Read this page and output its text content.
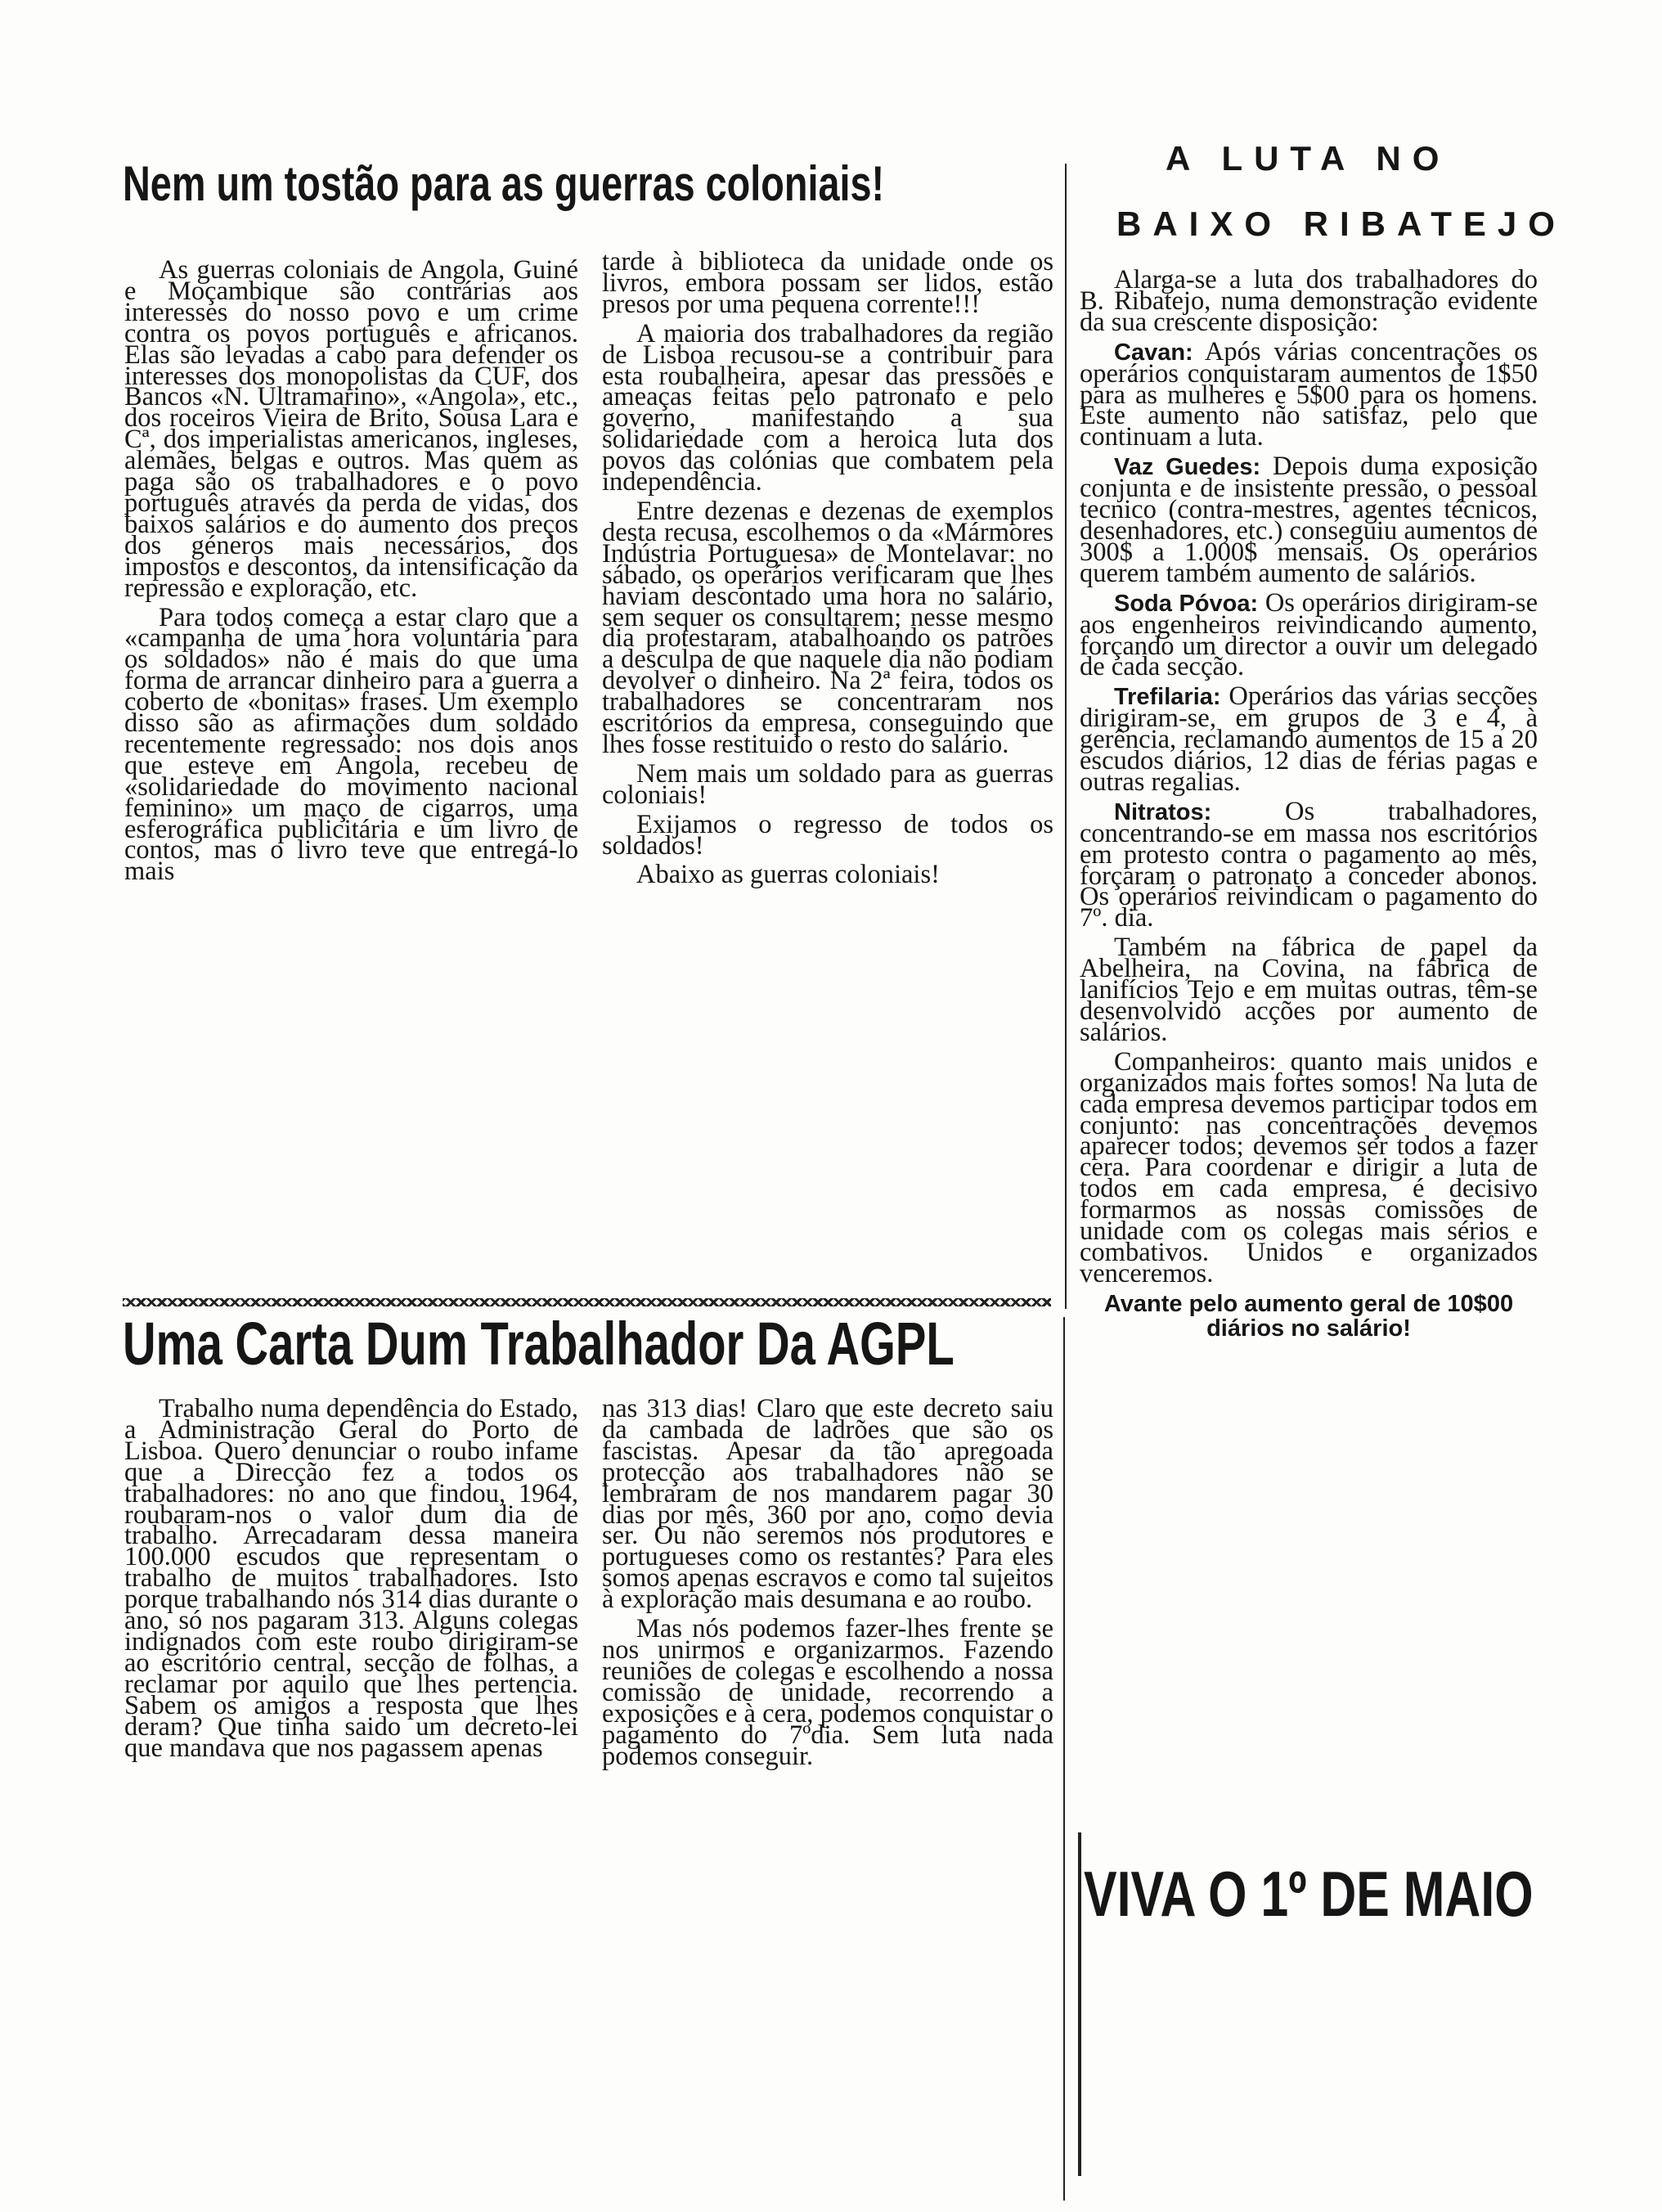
Nem um tostão para as guerras coloniais!

As guerras coloniais de Angola, Guiné e Moçambique são contrárias aos interesses do nosso povo e um crime contra os povos português e africanos. Elas são levadas a cabo para defender os interesses dos monopolistas da CUF, dos Bancos «N. Ultramarino», «Angola», etc., dos roceiros Vieira de Brito, Sousa Lara e Cª, dos imperialistas americanos, ingleses, alemães, belgas e outros. Mas quem as paga são os trabalhadores e o povo português através da perda de vidas, dos baixos salários e do aumento dos preços dos géneros mais necessários, dos impostos e descontos, da intensificação da repressão e exploração, etc.

Para todos começa a estar claro que a «campanha de uma hora voluntária para os soldados» não é mais do que uma forma de arrancar dinheiro para a guerra a coberto de «bonitas» frases. Um exemplo disso são as afirmações dum soldado recentemente regressado: nos dois anos que esteve em Angola, recebeu de «solidariedade do movimento nacional feminino» um maço de cigarros, uma esferográfica publicitária e um livro de contos, mas o livro teve que entregá-lo mais

tarde à biblioteca da unidade onde os livros, embora possam ser lidos, estão presos por uma pequena corrente!!!

A maioria dos trabalhadores da região de Lisboa recusou-se a contribuir para esta roubalheira, apesar das pressões e ameaças feitas pelo patronato e pelo governo, manifestando a sua solidariedade com a heroica luta dos povos das colónias que combatem pela independência.

Entre dezenas e dezenas de exemplos desta recusa, escolhemos o da «Mármores Indústria Portuguesa» de Montelavar: no sábado, os operários verificaram que lhes haviam descontado uma hora no salário, sem sequer os consultarem; nesse mesmo dia protestaram, atabalhoando os patrões a desculpa de que naquele dia não podiam devolver o dinheiro. Na 2ª feira, todos os trabalhadores se concentraram nos escritórios da empresa, conseguindo que lhes fosse restituido o resto do salário.

Nem mais um soldado para as guerras coloniais!

Exijamos o regresso de todos os soldados!

Abaixo as guerras coloniais!

Uma Carta Dum Trabalhador Da AGPL

Trabalho numa dependência do Estado, a Administração Geral do Porto de Lisboa. Quero denunciar o roubo infame que a Direcção fez a todos os trabalhadores: no ano que findou, 1964, roubaram-nos o valor dum dia de trabalho. Arrecadaram dessa maneira 100.000 escudos que representam o trabalho de muitos trabalhadores. Isto porque trabalhando nós 314 dias durante o ano, só nos pagaram 313. Alguns colegas indignados com este roubo dirigiram-se ao escritório central, secção de folhas, a reclamar por aquilo que lhes pertencia. Sabem os amigos a resposta que lhes deram? Que tinha saido um decreto-lei que mandava que nos pagassem apenas

nas 313 dias! Claro que este decreto saiu da cambada de ladrões que são os fascistas. Apesar da tão apregoada protecção aos trabalhadores não se lembraram de nos mandarem pagar 30 dias por mês, 360 por ano, como devia ser. Ou não seremos nós produtores e portugueses como os restantes? Para eles somos apenas escravos e como tal sujeitos à exploração mais desumana e ao roubo.

Mas nós podemos fazer-lhes frente se nos unirmos e organizarmos. Fazendo reuniões de colegas e escolhendo a nossa comissão de unidade, recorrendo a exposições e à cera, podemos conquistar o pagamento do 7ºdia. Sem luta nada podemos conseguir.

A LUTA NO
BAIXO RIBATEJO

Alarga-se a luta dos trabalhadores do B. Ribatejo, numa demonstração evidente da sua crescente disposição:

Cavan: Após várias concentrações os operários conquistaram aumentos de 1$50 para as mulheres e 5$00 para os homens. Este aumento não satisfaz, pelo que continuam a luta.

Vaz Guedes: Depois duma exposição conjunta e de insistente pressão, o pessoal tecnico (contra-mestres, agentes técnicos, desenhadores, etc.) conseguiu aumentos de 300$ a 1.000$ mensais. Os operários querem também aumento de salários.

Soda Póvoa: Os operários dirigiram-se aos engenheiros reivindicando aumento, forçando um director a ouvir um delegado de cada secção.

Trefilaria: Operários das várias secções dirigiram-se, em grupos de 3 e 4, à gerência, reclamando aumentos de 15 a 20 escudos diários, 12 dias de férias pagas e outras regalias.

Nitratos:	Os trabalhadores, concentrando-se em massa nos escritórios em protesto contra o pagamento ao mês, forçaram o patronato a conceder abonos. Os operários reivindicam o pagamento do 7º. dia.

Também na fábrica de papel da Abelheira, na Covina, na fábrica de lanifícios Tejo e em muitas outras, têm-se desenvolvido acções por aumento de salários.

Companheiros: quanto mais unidos e organizados mais fortes somos! Na luta de cada empresa devemos participar todos em conjunto: nas concentrações devemos aparecer todos; devemos ser todos a fazer cera. Para coordenar e dirigir a luta de todos em cada empresa, é decisivo formarmos as nossas comissões de unidade com os colegas mais sérios e combativos. Unidos e organizados venceremos.

Avante pelo aumento geral de 10$00 diários no salário!
VIVA O 1º DE MAIO
